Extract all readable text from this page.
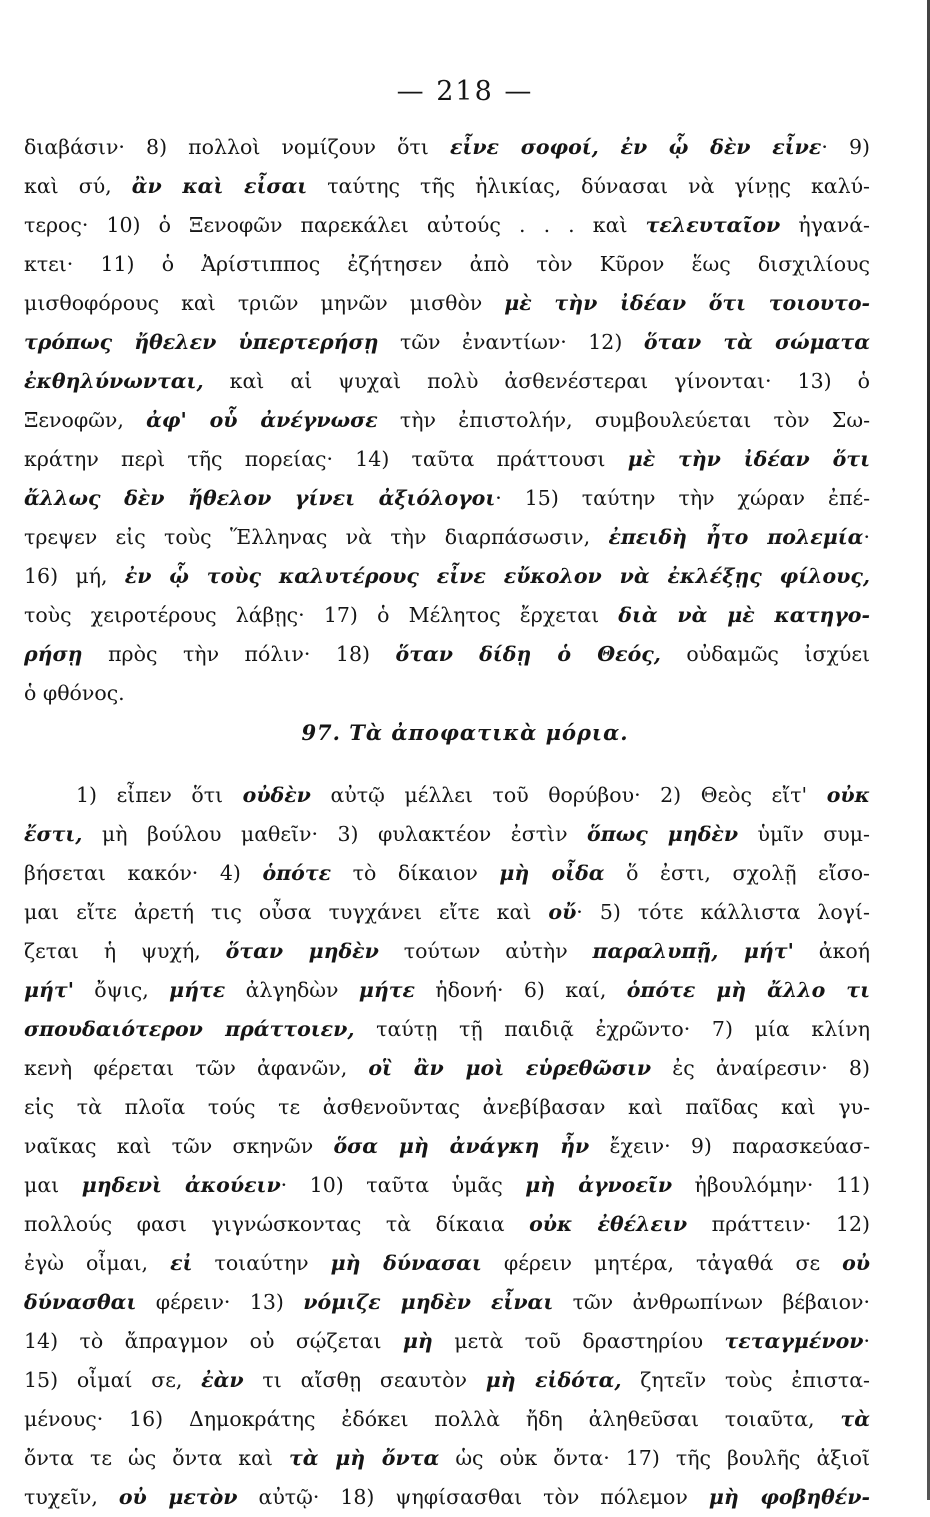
— 218 —
διαβάσιν· 8) πολλοὶ νομίζουν ὅτι εἶνε σοφοί, ἐν ᾧ δὲν εἶνε· 9)
καὶ σύ, ἂν καὶ εἶσαι ταύτης τῆς ἡλικίας, δύνασαι νὰ γίνῃς καλύ-
τερος· 10) ὁ Ξενοφῶν παρεκάλει αὐτούς . . . καὶ τελευταῖον ἠγανά-
κτει· 11) ὁ Ἀρίστιππος ἐζήτησεν ἀπὸ τὸν Κῦρον ἕως δισχιλίους
μισθοφόρους καὶ τριῶν μηνῶν μισθὸν μὲ τὴν ἰδέαν ὅτι τοιουτο-
τρόπως ἤθελεν ὑπερτερήσῃ τῶν ἐναντίων· 12) ὅταν τὰ σώματα
ἐκθηλύνωνται, καὶ αἱ ψυχαὶ πολὺ ἀσθενέστεραι γίνονται· 13) ὁ
Ξενοφῶν, ἀφ' οὗ ἀνέγνωσε τὴν ἐπιστολήν, συμβουλεύεται τὸν Σω-
κράτην περὶ τῆς πορείας· 14) ταῦτα πράττουσι μὲ τὴν ἰδέαν ὅτι
ἄλλως δὲν ἤθελον γίνει ἀξιόλογοι· 15) ταύτην τὴν χώραν ἐπέ-
τρεψεν εἰς τοὺς Ἕλληνας νὰ τὴν διαρπάσωσιν, ἐπειδὴ ἦτο πολεμία·
16) μή, ἐν ᾧ τοὺς καλυτέρους εἶνε εὔκολον νὰ ἐκλέξῃς φίλους,
τοὺς χειροτέρους λάβῃς· 17) ὁ Μέλητος ἔρχεται διὰ νὰ μὲ κατηγο-
ρήσῃ πρὸς τὴν πόλιν· 18) ὅταν δίδῃ ὁ Θεός, οὐδαμῶς ἰσχύει
ὁ φθόνος.
97. Τὰ ἀποφατικὰ μόρια.
1) εἶπεν ὅτι οὐδὲν αὐτῷ μέλλει τοῦ θορύβου· 2) Θεὸς εἴτ' οὐκ
ἔστι, μὴ βούλου μαθεῖν· 3) φυλακτέον ἐστὶν ὅπως μηδὲν ὑμῖν συμ-
βήσεται κακόν· 4) ὁπότε τὸ δίκαιον μὴ οἶδα ὅ ἐστι, σχολῇ εἴσο-
μαι εἴτε ἀρετή τις οὖσα τυγχάνει εἴτε καὶ οὔ· 5) τότε κάλλιστα λογί-
ζεται ἡ ψυχή, ὅταν μηδὲν τούτων αὐτὴν παραλυπῇ, μήτ' ἀκοή
μήτ' ὄψις, μήτε ἀλγηδὼν μήτε ἡδονή· 6) καί, ὁπότε μὴ ἄλλο τι
σπουδαιότερον πράττοιεν, ταύτῃ τῇ παιδιᾷ ἐχρῶντο· 7) μία κλίνη
κενὴ φέρεται τῶν ἀφανῶν, οἳ ἂν μοὶ εὑρεθῶσιν ἐς ἀναίρεσιν· 8)
εἰς τὰ πλοῖα τούς τε ἀσθενοῦντας ἀνεβίβασαν καὶ παῖδας καὶ γυ-
ναῖκας καὶ τῶν σκηνῶν ὅσα μὴ ἀνάγκη ἦν ἔχειν· 9) παρασκεύασ-
μαι μηδενὶ ἀκούειν· 10) ταῦτα ὑμᾶς μὴ ἀγνοεῖν ἠβουλόμην· 11)
πολλούς φασι γιγνώσκοντας τὰ δίκαια οὐκ ἐθέλειν πράττειν· 12)
ἐγὼ οἶμαι, εἰ τοιαύτην μὴ δύνασαι φέρειν μητέρα, τἀγαθά σε οὐ
δύνασθαι φέρειν· 13) νόμιζε μηδὲν εἶναι τῶν ἀνθρωπίνων βέβαιον·
14) τὸ ἄπραγμον οὐ σῴζεται μὴ μετὰ τοῦ δραστηρίου τεταγμένον·
15) οἶμαί σε, ἐὰν τι αἴσθῃ σεαυτὸν μὴ εἰδότα, ζητεῖν τοὺς ἐπιστα-
μένους· 16) Δημοκράτης ἐδόκει πολλὰ ἤδη ἀληθεῦσαι τοιαῦτα, τὰ
ὄντα τε ὡς ὄντα καὶ τὰ μὴ ὄντα ὡς οὐκ ὄντα· 17) τῆς βουλῆς ἀξιοῖ
τυχεῖν, οὐ μετὸν αὐτῷ· 18) ψηφίσασθαι τὸν πόλεμον μὴ φοβηθέν-
